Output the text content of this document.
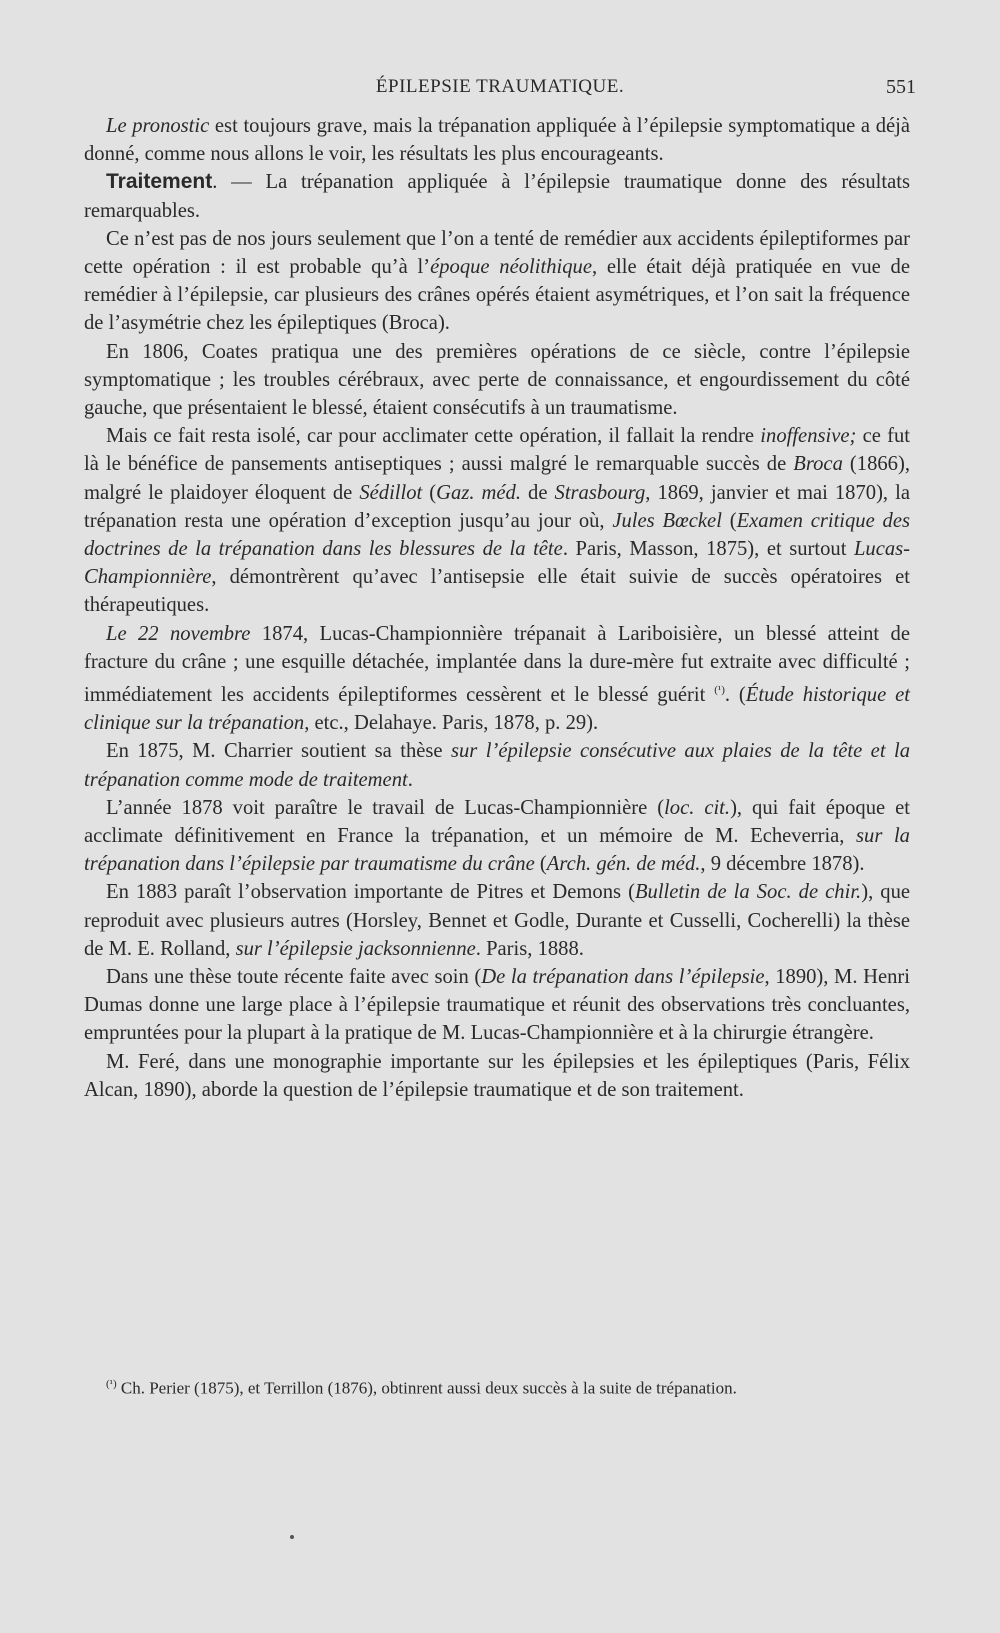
ÉPILEPSIE TRAUMATIQUE.	551

Le pronostic est toujours grave, mais la trépanation appliquée à l’épilepsie symptomatique a déjà donné, comme nous allons le voir, les résultats les plus encourageants.

Traitement. — La trépanation appliquée à l’épilepsie traumatique donne des résultats remarquables.

Ce n’est pas de nos jours seulement que l’on a tenté de remédier aux accidents épileptiformes par cette opération : il est probable qu’à l’époque néolithique, elle était déjà pratiquée en vue de remédier à l’épilepsie, car plusieurs des crânes opérés étaient asymétriques, et l’on sait la fréquence de l’asymétrie chez les épileptiques (Broca).

En 1806, Coates pratiqua une des premières opérations de ce siècle, contre l’épilepsie symptomatique ; les troubles cérébraux, avec perte de connaissance, et engourdissement du côté gauche, que présentaient le blessé, étaient consécutifs à un traumatisme.

Mais ce fait resta isolé, car pour acclimater cette opération, il fallait la rendre inoffensive; ce fut là le bénéfice de pansements antiseptiques ; aussi malgré le remarquable succès de Broca (1866), malgré le plaidoyer éloquent de Sédillot (Gaz. méd. de Strasbourg, 1869, janvier et mai 1870), la trépanation resta une opération d’exception jusqu’au jour où, Jules Bœckel (Examen critique des doctrines de la trépanation dans les blessures de la tête. Paris, Masson, 1875), et surtout Lucas-Championnière, démontrèrent qu’avec l’antisepsie elle était suivie de succès opératoires et thérapeutiques.

Le 22 novembre 1874, Lucas-Championnière trépanait à Lariboisière, un blessé atteint de fracture du crâne ; une esquille détachée, implantée dans la dure-mère fut extraite avec difficulté ; immédiatement les accidents épileptiformes cessèrent et le blessé guérit $^{(^1)}$. (Étude historique et clinique sur la trépanation, etc., Delahaye. Paris, 1878, p. 29).

En 1875, M. Charrier soutient sa thèse sur l’épilepsie consécutive aux plaies de la tête et la trépanation comme mode de traitement.

L’année 1878 voit paraître le travail de Lucas-Championnière (loc. cit.), qui fait époque et acclimate définitivement en France la trépanation, et un mémoire de M. Echeverria, sur la trépanation dans l’épilepsie par traumatisme du crâne (Arch. gén. de méd., 9 décembre 1878).

En 1883 paraît l’observation importante de Pitres et Demons (Bulletin de la Soc. de chir.), que reproduit avec plusieurs autres (Horsley, Bennet et Godle, Durante et Cusselli, Cocherelli) la thèse de M. E. Rolland, sur l’épilepsie jacksonnienne. Paris, 1888.

Dans une thèse toute récente faite avec soin (De la trépanation dans l’épilepsie, 1890), M. Henri Dumas donne une large place à l’épilepsie traumatique et réunit des observations très concluantes, empruntées pour la plupart à la pratique de M. Lucas-Championnière et à la chirurgie étrangère.

M. Feré, dans une monographie importante sur les épilepsies et les épileptiques (Paris, Félix Alcan, 1890), aborde la question de l’épilepsie traumatique et de son traitement.

$^{(^1)}$ Ch. Perier (1875), et Terrillon (1876), obtinrent aussi deux succès à la suite de trépanation.
